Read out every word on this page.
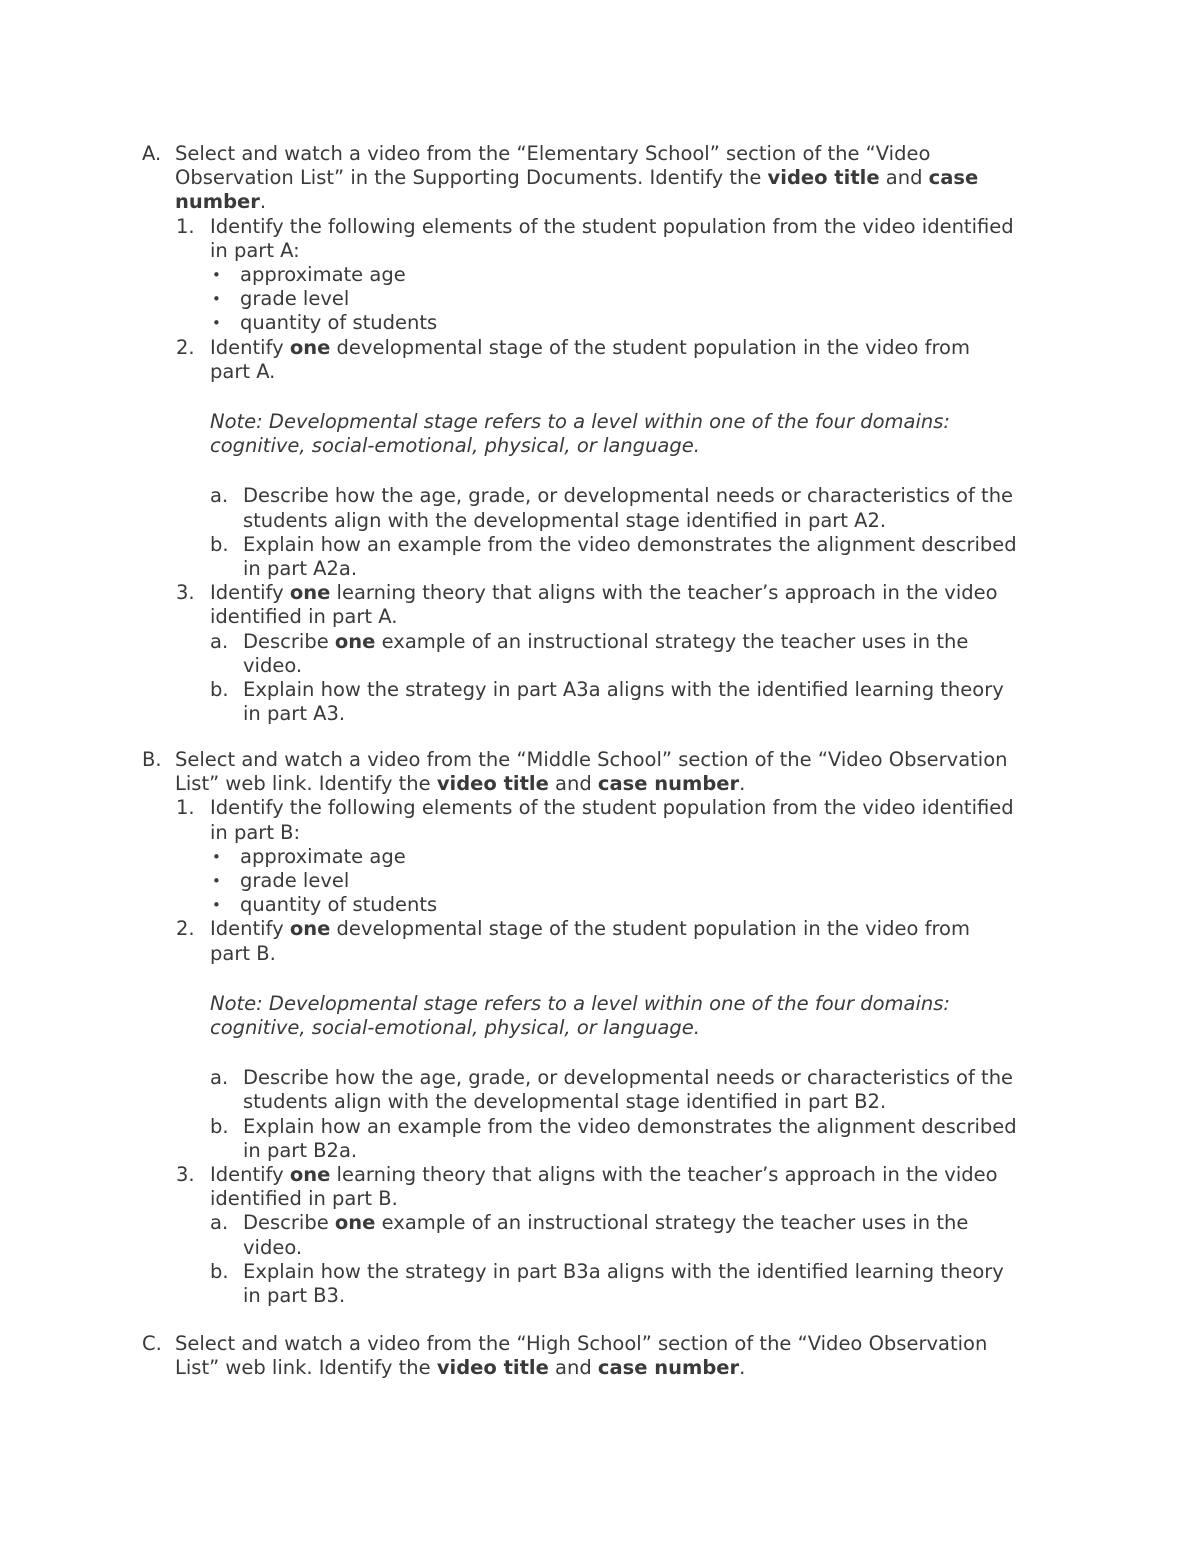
A. Select and watch a video from the “Elementary School” section of the “Video
Observation List” in the Supporting Documents. Identify the video title and case
number.
1. Identify the following elements of the student population from the video identified
in part A:
• approximate age
• grade level
• quantity of students
2. Identify one developmental stage of the student population in the video from
part A.
Note: Developmental stage refers to a level within one of the four domains:
cognitive, social-emotional, physical, or language.
a. Describe how the age, grade, or developmental needs or characteristics of the
students align with the developmental stage identified in part A2.
b. Explain how an example from the video demonstrates the alignment described
in part A2a.
3. Identify one learning theory that aligns with the teacher’s approach in the video
identified in part A.
a. Describe one example of an instructional strategy the teacher uses in the
video.
b. Explain how the strategy in part A3a aligns with the identified learning theory
in part A3.
B. Select and watch a video from the “Middle School” section of the “Video Observation
List” web link. Identify the video title and case number.
1. Identify the following elements of the student population from the video identified
in part B:
• approximate age
• grade level
• quantity of students
2. Identify one developmental stage of the student population in the video from
part B.
Note: Developmental stage refers to a level within one of the four domains:
cognitive, social-emotional, physical, or language.
a. Describe how the age, grade, or developmental needs or characteristics of the
students align with the developmental stage identified in part B2.
b. Explain how an example from the video demonstrates the alignment described
in part B2a.
3. Identify one learning theory that aligns with the teacher’s approach in the video
identified in part B.
a. Describe one example of an instructional strategy the teacher uses in the
video.
b. Explain how the strategy in part B3a aligns with the identified learning theory
in part B3.
C. Select and watch a video from the “High School” section of the “Video Observation
List” web link. Identify the video title and case number.
